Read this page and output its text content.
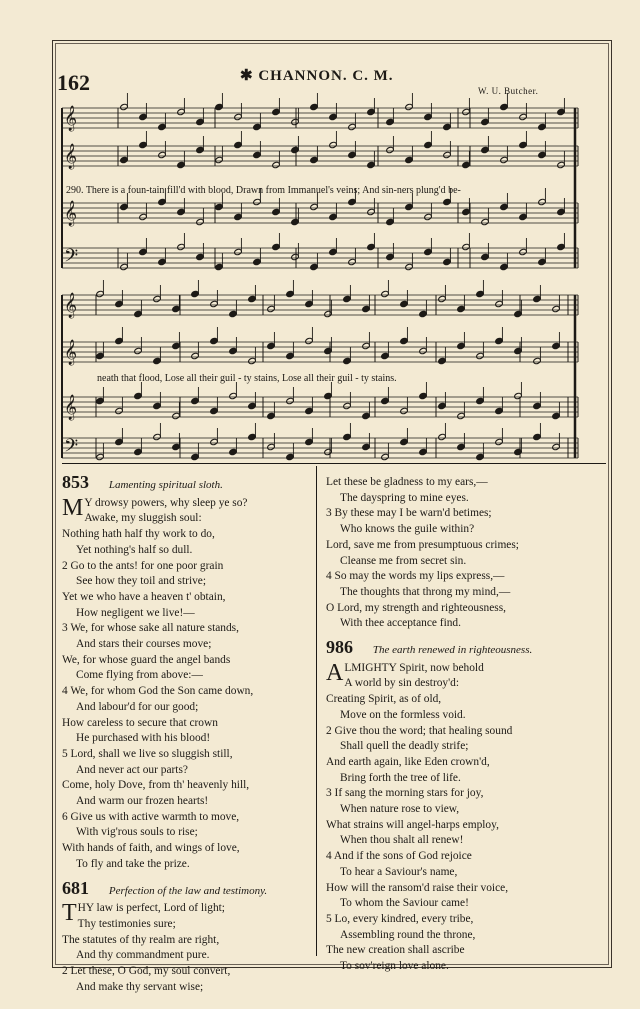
162	✱ CHANNON. C. M.
W. U. Butcher.
𝄞
𝄞
𝄞
𝄢
𝄞
𝄞
𝄞
𝄢
290. There is a foun-tain fill'd with blood, Drawn from Immanuel's veins; And sin-ners plung'd be-
neath that flood, Lose all their guil - ty stains, Lose all their guil - ty stains.
853 Lamenting spiritual sloth.
M Y drowsy powers, why sleep ye so?
Awake, my sluggish soul:
Nothing hath half thy work to do,
Yet nothing's half so dull.
2 Go to the ants! for one poor grain
See how they toil and strive;
Yet we who have a heaven t' obtain,
How negligent we live!—
3 We, for whose sake all nature stands,
And stars their courses move;
We, for whose guard the angel bands
Come flying from above:—
4 We, for whom God the Son came down,
And labour'd for our good;
How careless to secure that crown
He purchased with his blood!
5 Lord, shall we live so sluggish still,
And never act our parts?
Come, holy Dove, from th' heavenly hill,
And warm our frozen hearts!
6 Give us with active warmth to move,
With vig'rous souls to rise;
With hands of faith, and wings of love,
To fly and take the prize.
681 Perfection of the law and testimony.
T HY law is perfect, Lord of light;
Thy testimonies sure;
The statutes of thy realm are right,
And thy commandment pure.
2 Let these, O God, my soul convert,
And make thy servant wise;
Let these be gladness to my ears,—
The dayspring to mine eyes.
3 By these may I be warn'd betimes;
Who knows the guile within?
Lord, save me from presumptuous crimes;
Cleanse me from secret sin.
4 So may the words my lips express,—
The thoughts that throng my mind,—
O Lord, my strength and righteousness,
With thee acceptance find.
986 The earth renewed in righteousness.
A LMIGHTY Spirit, now behold
A world by sin destroy'd:
Creating Spirit, as of old,
Move on the formless void.
2 Give thou the word; that healing sound
Shall quell the deadly strife;
And earth again, like Eden crown'd,
Bring forth the tree of life.
3 If sang the morning stars for joy,
When nature rose to view,
What strains will angel-harps employ,
When thou shalt all renew!
4 And if the sons of God rejoice
To hear a Saviour's name,
How will the ransom'd raise their voice,
To whom the Saviour came!
5 Lo, every kindred, every tribe,
Assembling round the throne,
The new creation shall ascribe
To sov'reign love alone.
